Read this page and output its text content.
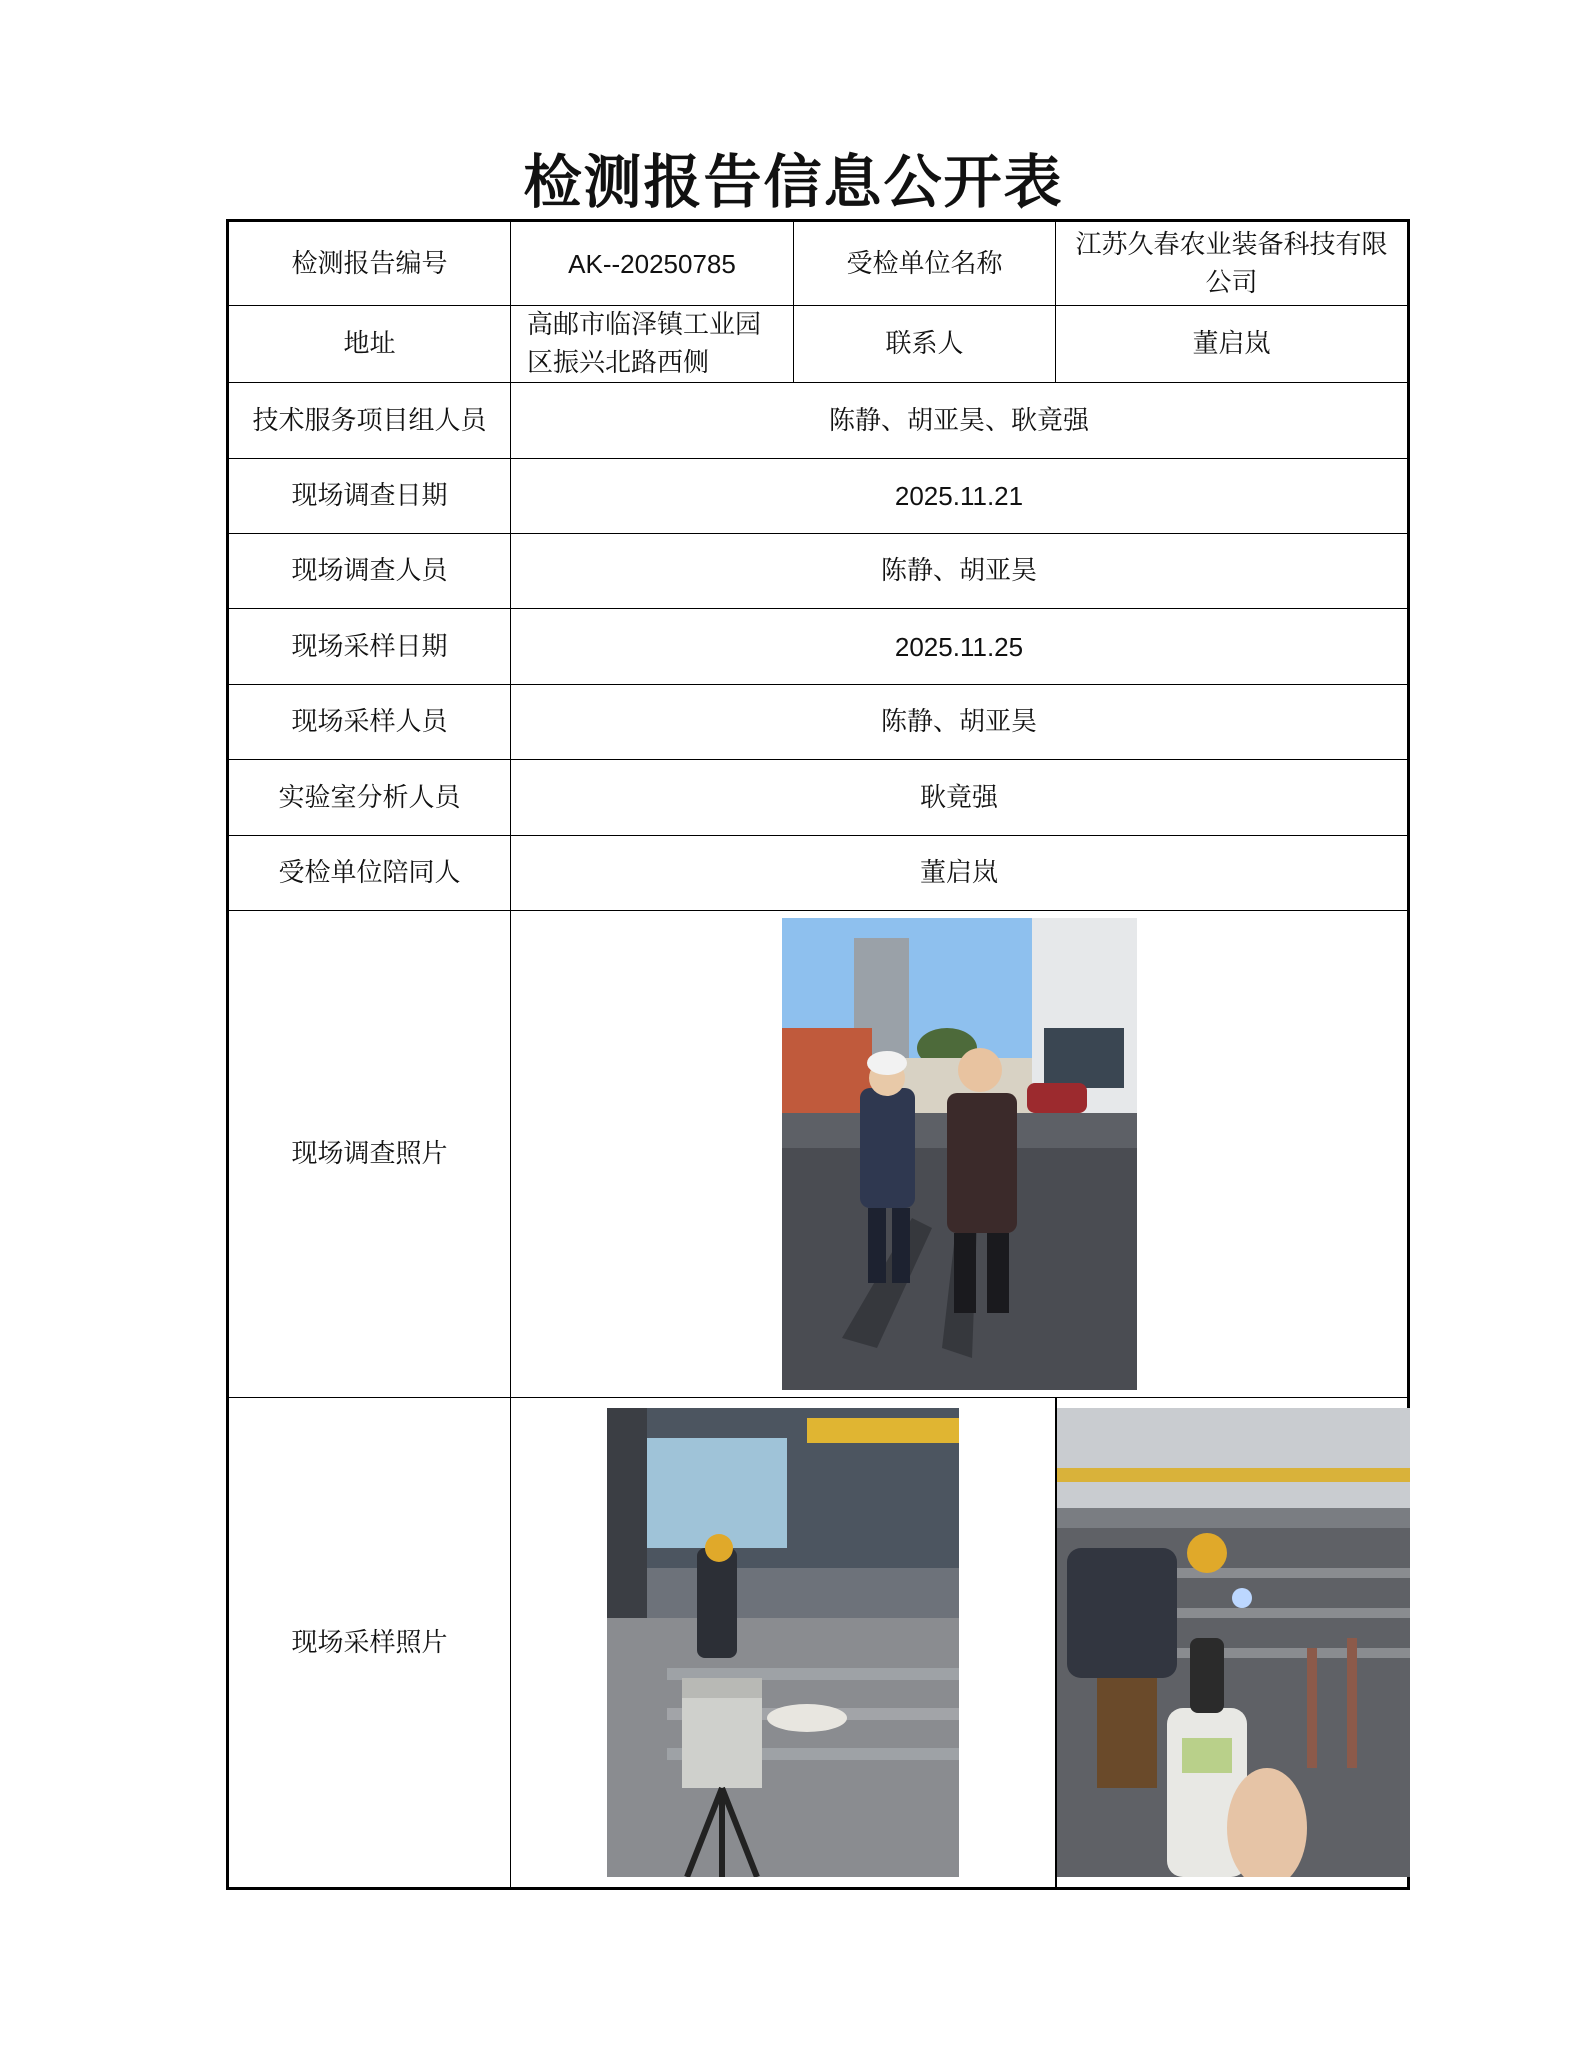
检测报告信息公开表
检测报告编号	AK--20250785	受检单位名称	江苏久春农业装备科技有限公司
地址	高邮市临泽镇工业园区振兴北路西侧	联系人	董启岚
技术服务项目组人员	陈静、胡亚昊、耿竟强		
现场调查日期	2025.11.21		
现场调查人员	陈静、胡亚昊		
现场采样日期	2025.11.25		
现场采样人员	陈静、胡亚昊		
实验室分析人员	耿竟强		
受检单位陪同人	董启岚		
现场调查照片	

现场采样照片	
